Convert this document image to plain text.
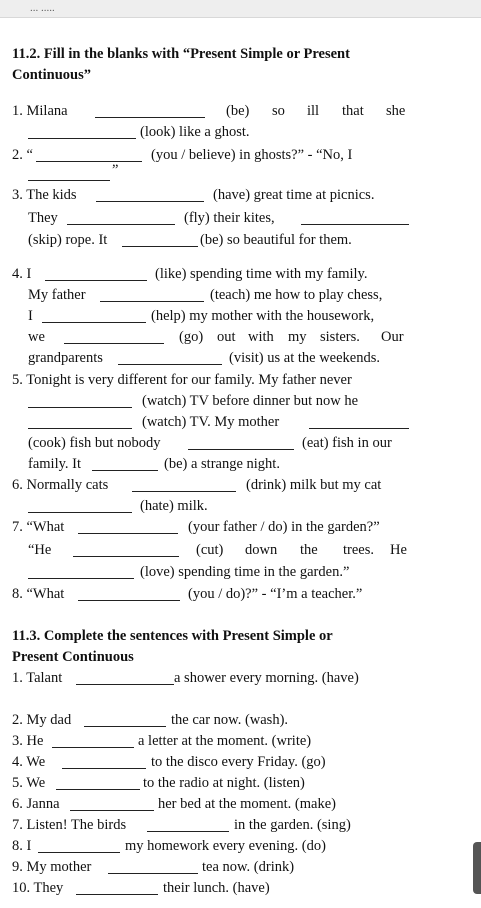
... .....
11.2. Fill in the blanks with “Present Simple or Present
Continuous”
1. Milana	(be) so ill that she
(look) like a ghost.
2. “	(you / believe) in ghosts?” - “No, I
”
3. The kids	(have) great time at picnics.
They	(fly) their kites,
(skip) rope. It	(be) so beautiful for them.
4. I	(like) spending time with my family.
My father	(teach) me how to play chess,
I	(help) my mother with the housework,
we	(go) out with my sisters. Our
grandparents	(visit) us at the weekends.
5. Tonight is very different for our family. My father never
(watch) TV before dinner but now he
(watch) TV. My mother
(cook) fish but nobody	(eat) fish in our
family. It	(be) a strange night.
6. Normally cats	(drink) milk but my cat
(hate) milk.
7. “What	(your father / do) in the garden?”
“He	(cut) down the trees. He
(love) spending time in the garden.”
8. “What	(you / do)?” - “I’m a teacher.”
11.3. Complete the sentences with Present Simple or
Present Continuous
1. Talant	a shower every morning. (have)
2. My dad	the car now. (wash).
3. He	a letter at the moment. (write)
4. We	to the disco every Friday. (go)
5. We	to the radio at night. (listen)
6. Janna	her bed at the moment. (make)
7. Listen! The birds	in the garden. (sing)
8. I	my homework every evening. (do)
9. My mother	tea now. (drink)
10. They	their lunch. (have)
